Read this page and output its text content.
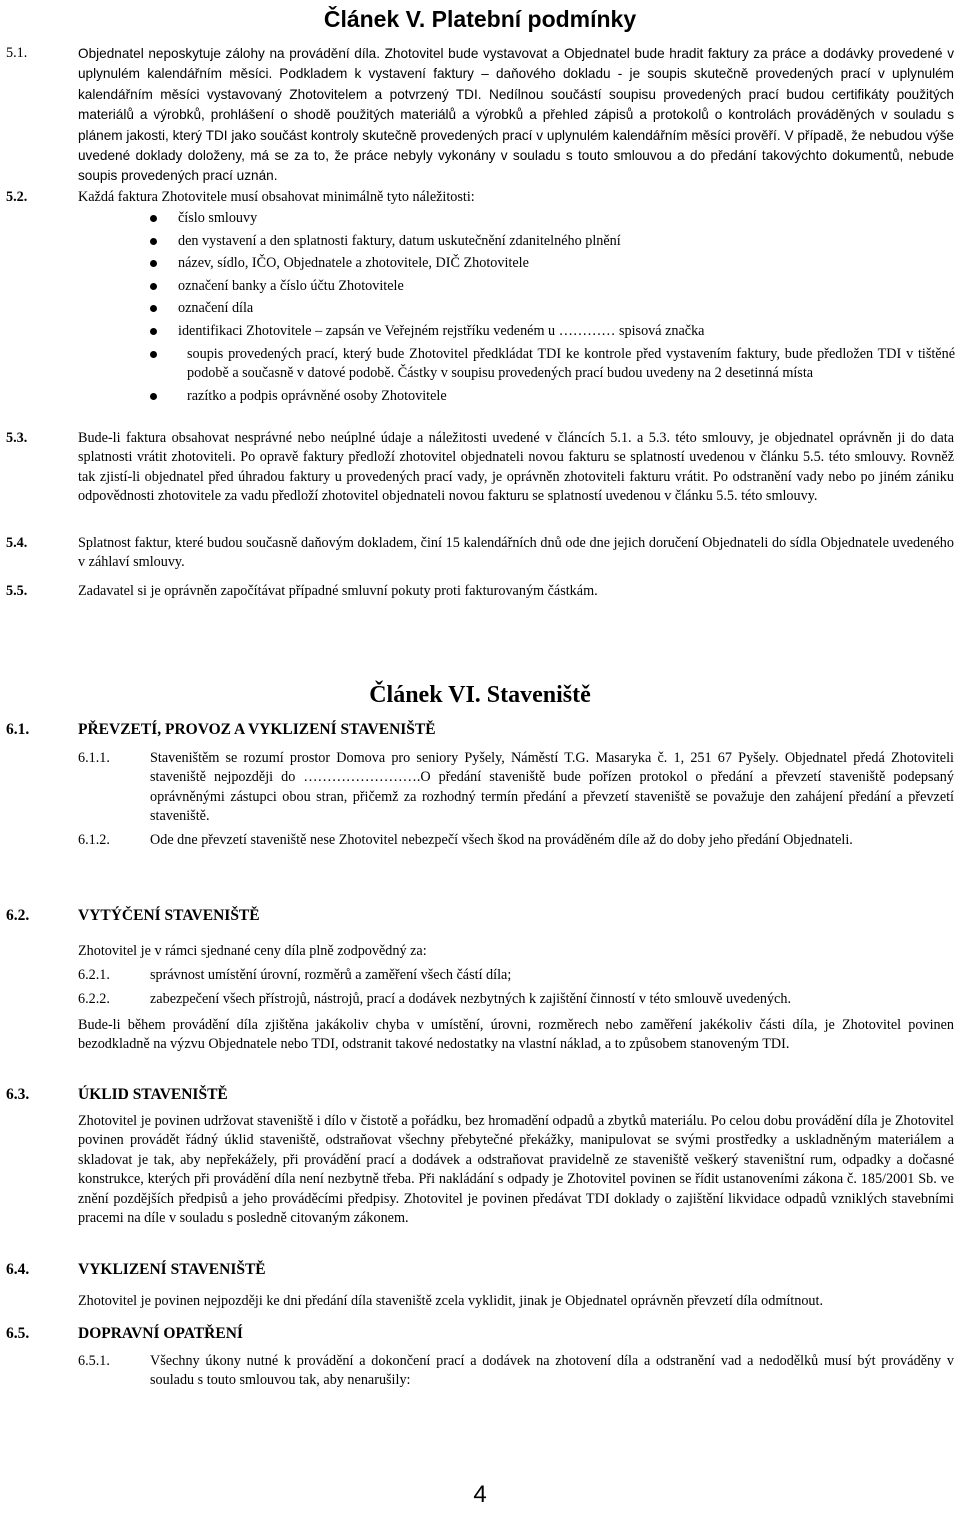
Článek V. Platební podmínky
5.1.	Objednatel neposkytuje zálohy na provádění díla. Zhotovitel bude vystavovat a Objednatel bude hradit faktury za práce a dodávky provedené v uplynulém kalendářním měsíci. Podkladem k vystavení faktury – daňového dokladu - je soupis skutečně provedených prací v uplynulém kalendářním měsíci vystavovaný Zhotovitelem a potvrzený TDI. Nedílnou součástí soupisu provedených prací budou certifikáty použitých materiálů a výrobků, prohlášení o shodě použitých materiálů a výrobků a přehled zápisů a protokolů o kontrolách prováděných v souladu s plánem jakosti, který TDI jako součást kontroly skutečně provedených prací v uplynulém kalendářním měsíci prověří. V případě, že nebudou výše uvedené doklady doloženy, má se za to, že práce nebyly vykonány v souladu s touto smlouvou a do předání takovýchto dokumentů, nebude soupis provedených prací uznán.
5.2.	Každá faktura Zhotovitele musí obsahovat minimálně tyto náležitosti:
číslo smlouvy
den vystavení a den splatnosti faktury, datum uskutečnění zdanitelného plnění
název, sídlo, IČO, Objednatele a zhotovitele, DIČ Zhotovitele
označení banky a číslo účtu Zhotovitele
označení díla
identifikaci Zhotovitele – zapsán ve Veřejném rejstříku vedeném u ………… spisová značka
soupis provedených prací, který bude Zhotovitel předkládat TDI ke kontrole před vystavením faktury, bude předložen TDI v tištěné podobě a současně v datové podobě. Částky v soupisu provedených prací budou uvedeny na 2 desetinná místa
razítko a podpis oprávněné osoby Zhotovitele
5.3.	Bude-li faktura obsahovat nesprávné nebo neúplné údaje a náležitosti uvedené v článcích 5.1. a 5.3. této smlouvy, je objednatel oprávněn ji do data splatnosti vrátit zhotoviteli. Po opravě faktury předloží zhotovitel objednateli novou fakturu se splatností uvedenou v článku 5.5. této smlouvy. Rovněž tak zjistí-li objednatel před úhradou faktury u provedených prací vady, je oprávněn zhotoviteli fakturu vrátit. Po odstranění vady nebo po jiném zániku odpovědnosti zhotovitele za vadu předloží zhotovitel objednateli novou fakturu se splatností uvedenou v článku 5.5. této smlouvy.
5.4.	Splatnost faktur, které budou současně daňovým dokladem, činí 15 kalendářních dnů ode dne jejich doručení Objednateli do sídla Objednatele uvedeného v záhlaví smlouvy.
5.5.	Zadavatel si je oprávněn započítávat případné smluvní pokuty proti fakturovaným částkám.
Článek VI. Staveniště
6.1.	PŘEVZETÍ, PROVOZ A VYKLIZENÍ STAVENIŠTĚ
6.1.1.	Staveništěm se rozumí prostor Domova pro seniory Pyšely, Náměstí T.G. Masaryka č. 1, 251 67 Pyšely. Objednatel předá Zhotoviteli staveniště nejpozději do …………………….O předání staveniště bude pořízen protokol o předání a převzetí staveniště podepsaný oprávněnými zástupci obou stran, přičemž za rozhodný termín předání a převzetí staveniště se považuje den zahájení předání a převzetí staveniště.
6.1.2.	Ode dne převzetí staveniště nese Zhotovitel nebezpečí všech škod na prováděném díle až do doby jeho předání Objednateli.
6.2.	VYTÝČENÍ STAVENIŠTĚ
Zhotovitel je v rámci sjednané ceny díla plně zodpovědný za:
6.2.1.	správnost umístění úrovní, rozměrů a zaměření všech částí díla;
6.2.2.	zabezpečení všech přístrojů, nástrojů, prací a dodávek nezbytných k zajištění činností v této smlouvě uvedených.
Bude-li během provádění díla zjištěna jakákoliv chyba v umístění, úrovni, rozměrech nebo zaměření jakékoliv části díla, je Zhotovitel povinen bezodkladně na výzvu Objednatele nebo TDI, odstranit takové nedostatky na vlastní náklad, a to způsobem stanoveným TDI.
6.3.	ÚKLID STAVENIŠTĚ
Zhotovitel je povinen udržovat staveniště i dílo v čistotě a pořádku, bez hromadění odpadů a zbytků materiálu. Po celou dobu provádění díla je Zhotovitel povinen provádět řádný úklid staveniště, odstraňovat všechny přebytečné překážky, manipulovat se svými prostředky a uskladněným materiálem a skladovat je tak, aby nepřekážely, při provádění prací a dodávek a odstraňovat pravidelně ze staveniště veškerý staveništní rum, odpadky a dočasné konstrukce, kterých při provádění díla není nezbytně třeba. Při nakládání s odpady je Zhotovitel povinen se řídit ustanoveními zákona č. 185/2001 Sb. ve znění pozdějších předpisů a jeho prováděcími předpisy. Zhotovitel je povinen předávat TDI doklady o zajištění likvidace odpadů vzniklých stavebními pracemi na díle v souladu s posledně citovaným zákonem.
6.4.	VYKLIZENÍ STAVENIŠTĚ
Zhotovitel je povinen nejpozději ke dni předání díla staveniště zcela vyklidit, jinak je Objednatel oprávněn převzetí díla odmítnout.
6.5.	DOPRAVNÍ OPATŘENÍ
6.5.1.	Všechny úkony nutné k provádění a dokončení prací a dodávek na zhotovení díla a odstranění vad a nedodělků musí být prováděny v souladu s touto smlouvou tak, aby nenarušily:
4
